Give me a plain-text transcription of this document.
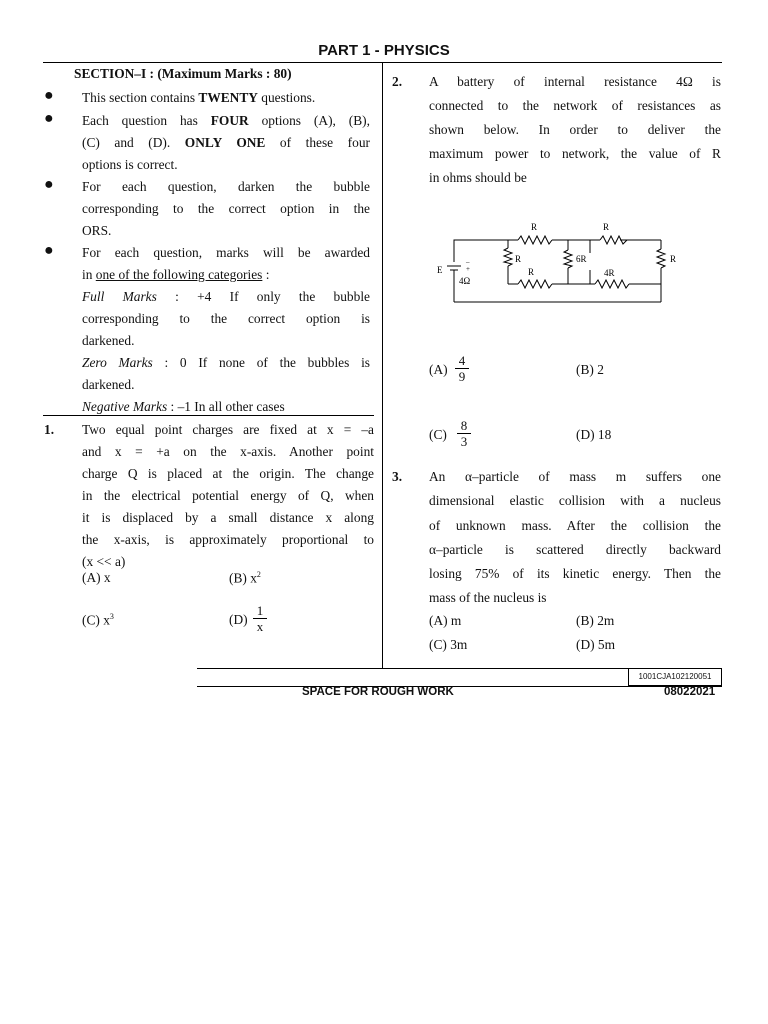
PART 1 - PHYSICS
SECTION–I : (Maximum Marks : 80)
● This section contains TWENTY questions.
● Each question has FOUR options (A), (B),
(C) and (D). ONLY ONE of these four
options is correct.
● For each question, darken the bubble
corresponding to the correct option in the
ORS.
● For each question, marks will be awarded
in one of the following categories :
Full Marks : +4 If only the bubble
corresponding to the correct option is
darkened.
Zero Marks : 0 If none of the bubbles is
darkened.
Negative Marks : –1 In all other cases
1. Two equal point charges are fixed at x = –a
and x = +a on the x-axis. Another point
charge Q is placed at the origin. The change
in the electrical potential energy of Q, when
it is displaced by a small distance x along
the x-axis, is approximately proportional to
(x << a)
(A) x	(B) $x^2$
(C) $x^3$	$(D) \frac{1}{x}$
2. A battery of internal resistance 4Ω is
connected to the network of resistances as
shown below. In order to deliver the
maximum power to network, the value of R
in ohms should be
R	R
R	6R	R
R	4R
E
4Ω
+
–
$(A) \frac{4}{9}$	(B) 2
$(C) \frac{8}{3}$	(D) 18
3. An α–particle of mass m suffers one
dimensional elastic collision with a nucleus
of unknown mass. After the collision the
α–particle is scattered directly backward
losing 75% of its kinetic energy. Then the
mass of the nucleus is
(A) m	(B) 2m
(C) 3m	(D) 5m
1001CJA102120051
SPACE FOR ROUGH WORK	08022021
